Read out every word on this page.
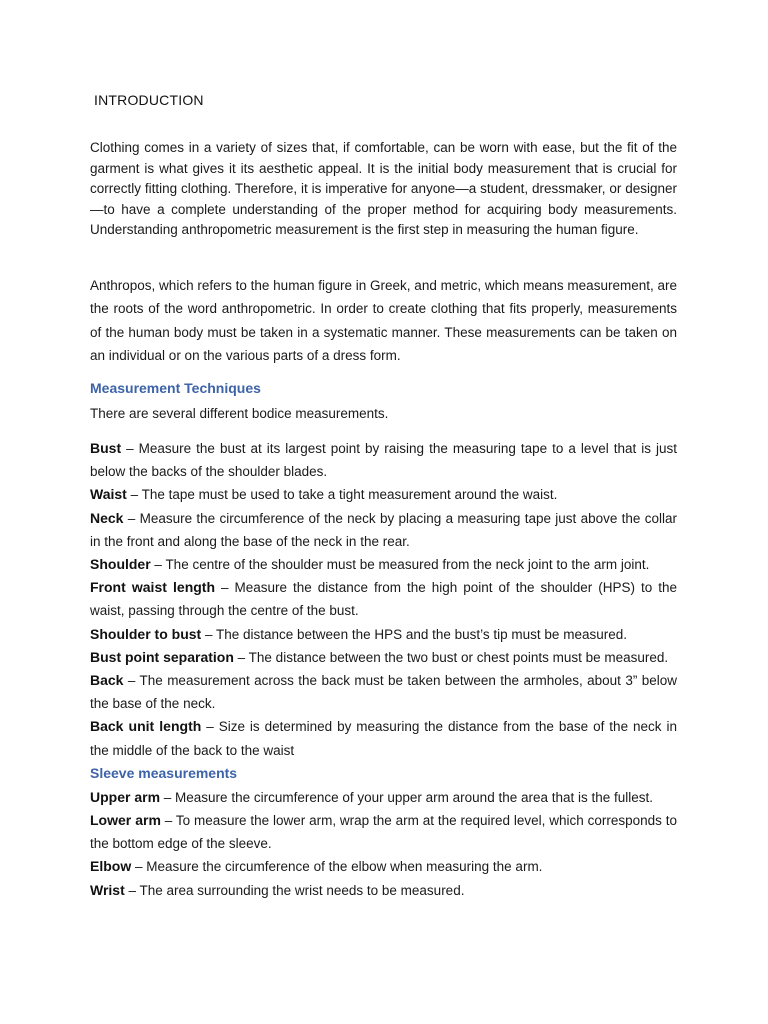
INTRODUCTION

Clothing comes in a variety of sizes that, if comfortable, can be worn with ease, but the fit of the garment is what gives it its aesthetic appeal. It is the initial body measurement that is crucial for correctly fitting clothing. Therefore, it is imperative for anyone—a student, dressmaker, or designer—to have a complete understanding of the proper method for acquiring body measurements. Understanding anthropometric measurement is the first step in measuring the human figure.

Anthropos, which refers to the human figure in Greek, and metric, which means measurement, are the roots of the word anthropometric. In order to create clothing that fits properly, measurements of the human body must be taken in a systematic manner. These measurements can be taken on an individual or on the various parts of a dress form.

Measurement Techniques

There are several different bodice measurements.

Bust – Measure the bust at its largest point by raising the measuring tape to a level that is just below the backs of the shoulder blades.

Waist – The tape must be used to take a tight measurement around the waist.

Neck – Measure the circumference of the neck by placing a measuring tape just above the collar in the front and along the base of the neck in the rear.

Shoulder – The centre of the shoulder must be measured from the neck joint to the arm joint.

Front waist length – Measure the distance from the high point of the shoulder (HPS) to the waist, passing through the centre of the bust.

Shoulder to bust – The distance between the HPS and the bust’s tip must be measured.

Bust point separation – The distance between the two bust or chest points must be measured.

Back – The measurement across the back must be taken between the armholes, about 3” below the base of the neck.

Back unit length – Size is determined by measuring the distance from the base of the neck in the middle of the back to the waist

Sleeve measurements

Upper arm – Measure the circumference of your upper arm around the area that is the fullest.

Lower arm – To measure the lower arm, wrap the arm at the required level, which corresponds to the bottom edge of the sleeve.

Elbow – Measure the circumference of the elbow when measuring the arm.

Wrist – The area surrounding the wrist needs to be measured.
